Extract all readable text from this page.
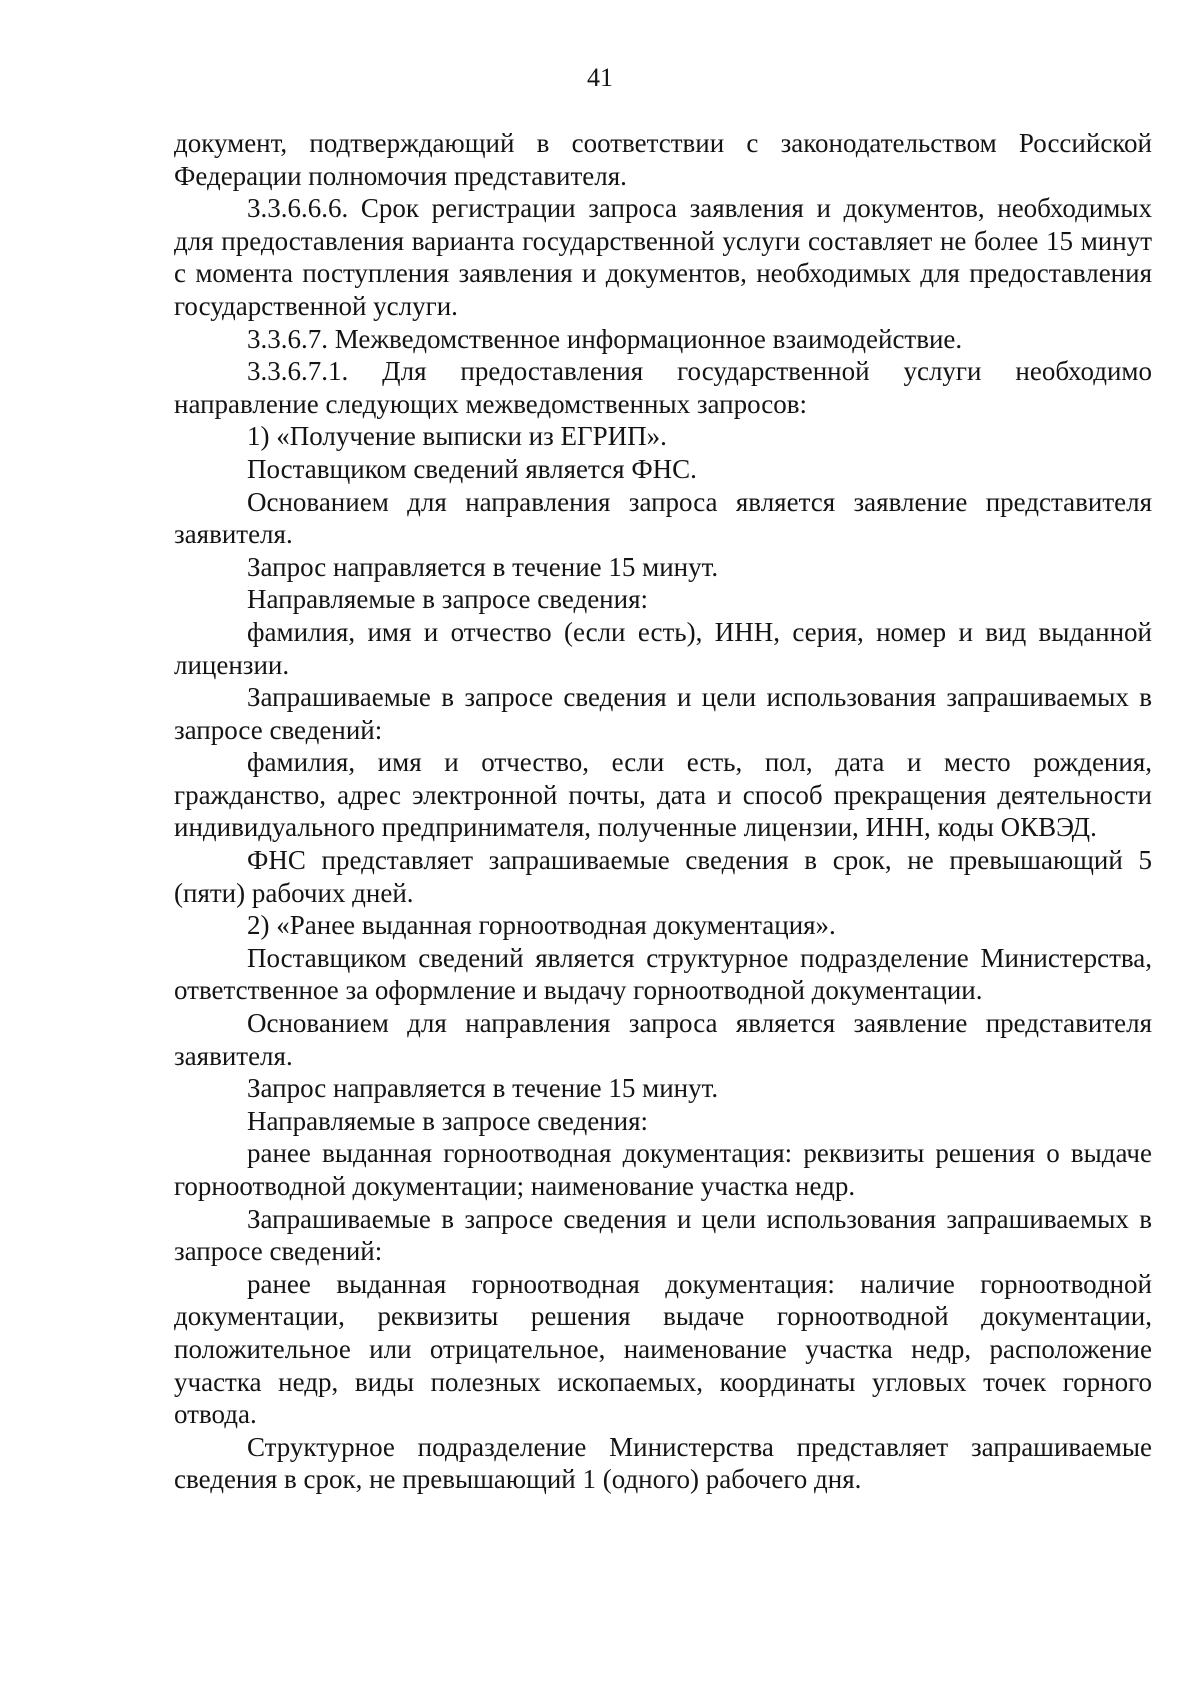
41

документ, подтверждающий в соответствии с законодательством Российской Федерации полномочия представителя.

3.3.6.6.6. Срок регистрации запроса заявления и документов, необходимых для предоставления варианта государственной услуги составляет не более 15 минут с момента поступления заявления и документов, необходимых для предоставления государственной услуги.

3.3.6.7. Межведомственное информационное взаимодействие.

3.3.6.7.1. Для предоставления государственной услуги необходимо направление следующих межведомственных запросов:

1) «Получение выписки из ЕГРИП».

Поставщиком сведений является ФНС.

Основанием для направления запроса является заявление представителя заявителя.

Запрос направляется в течение 15 минут.

Направляемые в запросе сведения:

фамилия, имя и отчество (если есть), ИНН, серия, номер и вид выданной лицензии.

Запрашиваемые в запросе сведения и цели использования запрашиваемых в запросе сведений:

фамилия, имя и отчество, если есть, пол, дата и место рождения, гражданство, адрес электронной почты, дата и способ прекращения деятельности индивидуального предпринимателя, полученные лицензии, ИНН, коды ОКВЭД.

ФНС представляет запрашиваемые сведения в срок, не превышающий 5 (пяти) рабочих дней.

2) «Ранее выданная горноотводная документация».

Поставщиком сведений является структурное подразделение Министерства, ответственное за оформление и выдачу горноотводной документации.

Основанием для направления запроса является заявление представителя заявителя.

Запрос направляется в течение 15 минут.

Направляемые в запросе сведения:

ранее выданная горноотводная документация: реквизиты решения о выдаче горноотводной документации; наименование участка недр.

Запрашиваемые в запросе сведения и цели использования запрашиваемых в запросе сведений:

ранее выданная горноотводная документация: наличие горноотводной документации, реквизиты решения выдаче горноотводной документации, положительное или отрицательное, наименование участка недр, расположение участка недр, виды полезных ископаемых, координаты угловых точек горного отвода.

Структурное подразделение Министерства представляет запрашиваемые сведения в срок, не превышающий 1 (одного) рабочего дня.
